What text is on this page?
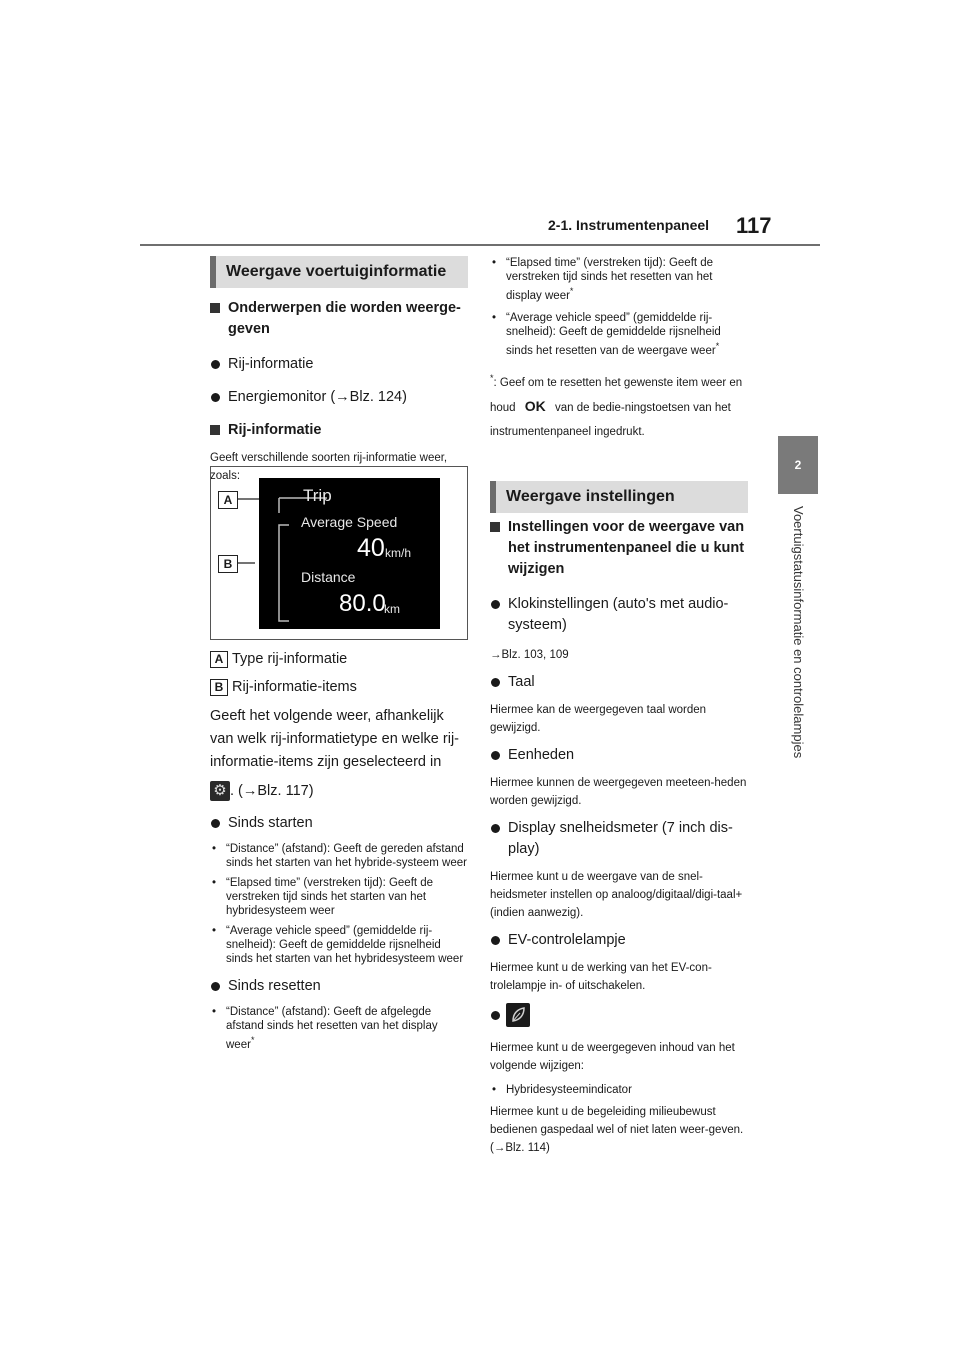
2-1. Instrumentenpaneel 117
2
Voertuigstatusinformatie en controlelampjes
Weergave voertuiginformatie
Onderwerpen die worden weerge-geven
Rij-informatie
Energiemonitor (→Blz. 124)
Rij-informatie
Geeft verschillende soorten rij-informatie weer, zoals:
A
B
Trip
Average Speed
40 km/h
Distance
80.0
km
A Type rij-informatie
B Rij-informatie-items
Geeft het volgende weer, afhankelijk van welk rij-informatietype en welke rij-informatie-items zijn geselecteerd in
⚙ . (→Blz. 117)
Sinds starten
• “Distance” (afstand): Geeft de gereden afstand sinds het starten van het hybride-systeem weer
• “Elapsed time” (verstreken tijd): Geeft de verstreken tijd sinds het starten van het hybridesysteem weer
• “Average vehicle speed” (gemiddelde rij-snelheid): Geeft de gemiddelde rijsnelheid sinds het starten van het hybridesysteem weer
Sinds resetten
• “Distance” (afstand): Geeft de afgelegde afstand sinds het resetten van het display weer*
• “Elapsed time” (verstreken tijd): Geeft de verstreken tijd sinds het resetten van het display weer*
• “Average vehicle speed” (gemiddelde rij-snelheid): Geeft de gemiddelde rijsnelheid sinds het resetten van de weergave weer*
*: Geef om te resetten het gewenste item weer en houd OK van de bedie-ningstoetsen van het instrumentenpaneel ingedrukt.
Weergave instellingen
Instellingen voor de weergave van het instrumentenpaneel die u kunt wijzigen
Klokinstellingen (auto's met audio-systeem)
→Blz. 103, 109
Taal
Hiermee kan de weergegeven taal worden gewijzigd.
Eenheden
Hiermee kunnen de weergegeven meeteen-heden worden gewijzigd.
Display snelheidsmeter (7 inch dis-play)
Hiermee kunt u de weergave van de snel-heidsmeter instellen op analoog/digitaal/digi-taal+ (indien aanwezig).
EV-controlelampje
Hiermee kunt u de werking van het EV-con-trolelampje in- of uitschakelen.
Hiermee kunt u de weergegeven inhoud van het volgende wijzigen:
• Hybridesysteemindicator
Hiermee kunt u de begeleiding milieubewust bedienen gaspedaal wel of niet laten weer-geven. (→Blz. 114)
